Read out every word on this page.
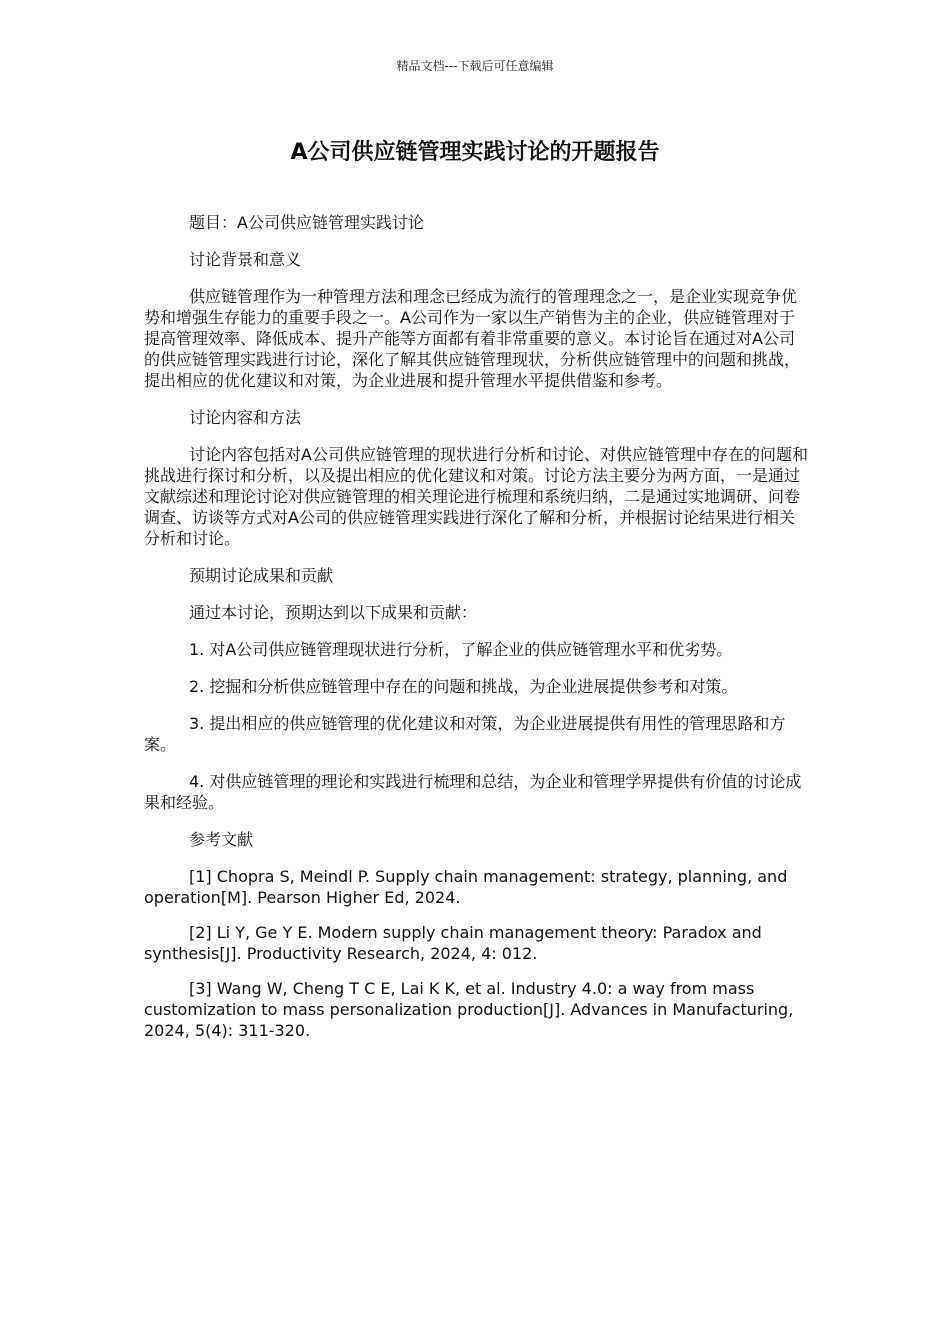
精品文档---下载后可任意编辑
A公司供应链管理实践讨论的开题报告

题目：A公司供应链管理实践讨论

讨论背景和意义

供应链管理作为一种管理方法和理念已经成为流行的管理理念之一，是企业实现竞争优势和增强生存能力的重要手段之一。A公司作为一家以生产销售为主的企业，供应链管理对于提高管理效率、降低成本、提升产能等方面都有着非常重要的意义。本讨论旨在通过对A公司的供应链管理实践进行讨论，深化了解其供应链管理现状，分析供应链管理中的问题和挑战，提出相应的优化建议和对策，为企业进展和提升管理水平提供借鉴和参考。

讨论内容和方法

讨论内容包括对A公司供应链管理的现状进行分析和讨论、对供应链管理中存在的问题和挑战进行探讨和分析，以及提出相应的优化建议和对策。讨论方法主要分为两方面，一是通过文献综述和理论讨论对供应链管理的相关理论进行梳理和系统归纳，二是通过实地调研、问卷调查、访谈等方式对A公司的供应链管理实践进行深化了解和分析，并根据讨论结果进行相关分析和讨论。

预期讨论成果和贡献

通过本讨论，预期达到以下成果和贡献：

1. 对A公司供应链管理现状进行分析，了解企业的供应链管理水平和优劣势。

2. 挖掘和分析供应链管理中存在的问题和挑战，为企业进展提供参考和对策。

3. 提出相应的供应链管理的优化建议和对策，为企业进展提供有用性的管理思路和方案。

4. 对供应链管理的理论和实践进行梳理和总结，为企业和管理学界提供有价值的讨论成果和经验。

参考文献

[1] Chopra S, Meindl P. Supply chain management: strategy, planning, and operation[M]. Pearson Higher Ed, 2024.

[2] Li Y, Ge Y E. Modern supply chain management theory: Paradox and synthesis[J]. Productivity Research, 2024, 4: 012.

[3] Wang W, Cheng T C E, Lai K K, et al. Industry 4.0: a way from mass customization to mass personalization production[J]. Advances in Manufacturing, 2024, 5(4): 311-320.
